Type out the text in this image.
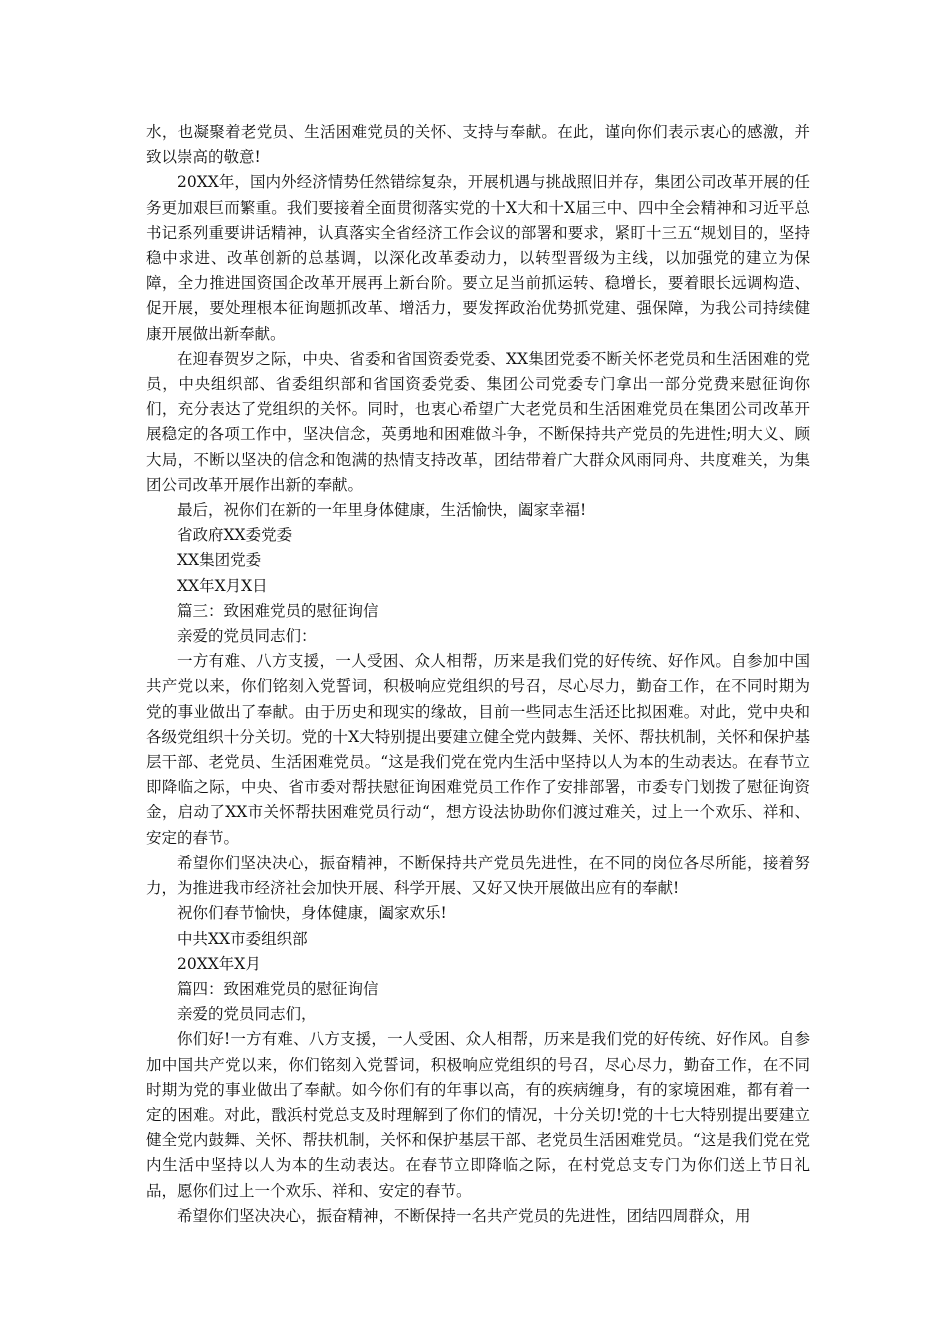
水，也凝聚着老党员、生活困难党员的关怀、支持与奉献。在此，谨向你们表示衷心的感激，并致以崇高的敬意!

20XX年，国内外经济情势任然错综复杂，开展机遇与挑战照旧并存，集团公司改革开展的任务更加艰巨而繁重。我们要接着全面贯彻落实党的十X大和十X届三中、四中全会精神和习近平总书记系列重要讲话精神，认真落实全省经济工作会议的部署和要求，紧盯十三五“规划目的，坚持稳中求进、改革创新的总基调，以深化改革委动力，以转型晋级为主线，以加强党的建立为保障，全力推进国资国企改革开展再上新台阶。要立足当前抓运转、稳增长，要着眼长远调构造、促开展，要处理根本征询题抓改革、增活力，要发挥政治优势抓党建、强保障，为我公司持续健康开展做出新奉献。

在迎春贺岁之际，中央、省委和省国资委党委、XX集团党委不断关怀老党员和生活困难的党员，中央组织部、省委组织部和省国资委党委、集团公司党委专门拿出一部分党费来慰征询你们，充分表达了党组织的关怀。同时，也衷心希望广大老党员和生活困难党员在集团公司改革开展稳定的各项工作中，坚决信念，英勇地和困难做斗争，不断保持共产党员的先进性;明大义、顾大局，不断以坚决的信念和饱满的热情支持改革，团结带着广大群众风雨同舟、共度难关，为集团公司改革开展作出新的奉献。

最后，祝你们在新的一年里身体健康，生活愉快，阖家幸福!

省政府XX委党委

XX集团党委

XX年X月X日

篇三：致困难党员的慰征询信

亲爱的党员同志们：

一方有难、八方支援，一人受困、众人相帮，历来是我们党的好传统、好作风。自参加中国共产党以来，你们铭刻入党誓词，积极响应党组织的号召，尽心尽力，勤奋工作，在不同时期为党的事业做出了奉献。由于历史和现实的缘故，目前一些同志生活还比拟困难。对此，党中央和各级党组织十分关切。党的十X大特别提出要建立健全党内鼓舞、关怀、帮扶机制，关怀和保护基层干部、老党员、生活困难党员。“这是我们党在党内生活中坚持以人为本的生动表达。在春节立即降临之际，中央、省市委对帮扶慰征询困难党员工作作了安排部署，市委专门划拨了慰征询资金，启动了XX市关怀帮扶困难党员行动“，想方设法协助你们渡过难关，过上一个欢乐、祥和、安定的春节。

希望你们坚决决心，振奋精神，不断保持共产党员先进性，在不同的岗位各尽所能，接着努力，为推进我市经济社会加快开展、科学开展、又好又快开展做出应有的奉献!

祝你们春节愉快，身体健康，阖家欢乐!

中共XX市委组织部

20XX年X月

篇四：致困难党员的慰征询信

亲爱的党员同志们，

你们好!一方有难、八方支援，一人受困、众人相帮，历来是我们党的好传统、好作风。自参加中国共产党以来，你们铭刻入党誓词，积极响应党组织的号召，尽心尽力，勤奋工作，在不同时期为党的事业做出了奉献。如今你们有的年事以高，有的疾病缠身，有的家境困难，都有着一定的困难。对此，戬浜村党总支及时理解到了你们的情况，十分关切!党的十七大特别提出要建立健全党内鼓舞、关怀、帮扶机制，关怀和保护基层干部、老党员生活困难党员。“这是我们党在党内生活中坚持以人为本的生动表达。在春节立即降临之际，在村党总支专门为你们送上节日礼品，愿你们过上一个欢乐、祥和、安定的春节。

希望你们坚决决心，振奋精神，不断保持一名共产党员的先进性，团结四周群众，用
